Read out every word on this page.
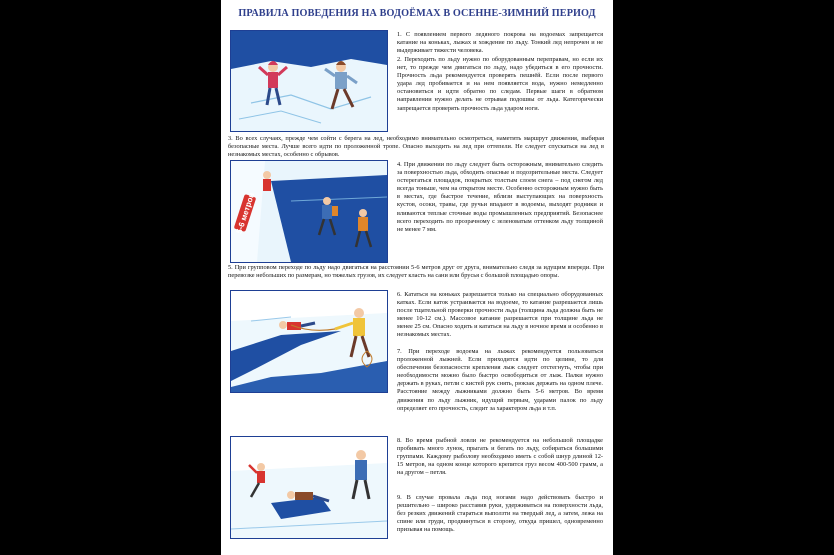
ПРАВИЛА ПОВЕДЕНИЯ НА ВОДОЁМАХ В ОСЕННЕ-ЗИМНИЙ ПЕРИОД
1. С появлением первого ледяного покрова на водоемах запрещается катание на коньках, лыжах и хождение по льду. Тонкий лед непрочен и не выдерживает тяжести человека.
2. Переходить по льду нужно по оборудованным переправам, но если их нет, то прежде чем двигаться по льду, надо убедиться в его прочности. Прочность льда рекомендуется проверять пешнёй. Если после первого удара лед пробивается и на нем появляется вода, нужно немедленно остановиться и идти обратно по следам. Первые шаги в обратном направлении нужно делать не отрывая подошвы от льда. Категорически запрещается проверять прочность льда ударом ноги.
3. Во всех случаях, прежде чем сойти с берега на лед, необходимо внимательно осмотреться, наметить маршрут движения, выбирая безопасные места. Лучше всего идти по проложенной тропе. Опасно выходить на лед при оттепели. Не следует спускаться на лед в незнакомых местах, особенно с обрывов.
5-6 метров
4. При движении по льду следует быть осторожным, внимательно следить за поверхностью льда, обходить опасные и подозрительные места. Следует остерегаться площадок, покрытых толстым слоем снега – под снегом лед всегда тоньше, чем на открытом месте. Особенно осторожным нужно быть в местах, где быстрое течение, вблизи выступающих на поверхность кустов, осоки, травы, где ручьи впадают в водоемы, выходят родники и вливаются теплые сточные воды промышленных предприятий. Безопаснее всего переходить по прозрачному с зеленоватым оттенком льду толщиной не менее 7 мм.
5. При групповом переходе по льду надо двигаться на расстоянии 5-6 метров друг от друга, внимательно следя за идущим впереди. При перевозке небольших по размерам, но тяжелых грузов, их следует класть на сани или брусья с большой площадью опоры.
6. Кататься на коньках разрешается только на специально оборудованных катках. Если каток устраивается на водоеме, то катание разрешается лишь после тщательной проверки прочности льда (толщина льда должна быть не менее 10-12 см.). Массовое катание разрешается при толщине льда не менее 25 см. Опасно ходить и кататься на льду в ночное время и особенно в незнакомых местах.
7. При переходе водоема на лыжах рекомендуется пользоваться проложенной лыжней. Если приходится идти по целине, то для обеспечения безопасности крепления лыж следует отстегнуть, чтобы при необходимости можно было быстро освободиться от лыж. Палки нужно держать в руках, петли с кистей рук снять, рюкзак держать на одном плече. Расстояние между лыжниками должно быть 5-6 метров. Во время движения по льду лыжник, идущий первым, ударами палок по льду определяет его прочность, следит за характером льда и т.п.
8. Во время рыбной ловли не рекомендуется на небольшой площадке пробивать много лунок, прыгать и бегать по льду, собираться большими группами. Каждому рыболову необходимо иметь с собой шнур длиной 12-15 метров, на одном конце которого крепится груз весом 400-500 грамм, а на другом – петля.
9. В случае провала льда под ногами надо действовать быстро и решительно – широко расставив руки, удерживаться на поверхности льда, без резких движений стараться выползти на твердый лед, а затем, лежа на спине или груди, продвинуться в сторону, откуда пришел, одновременно призывая на помощь.
